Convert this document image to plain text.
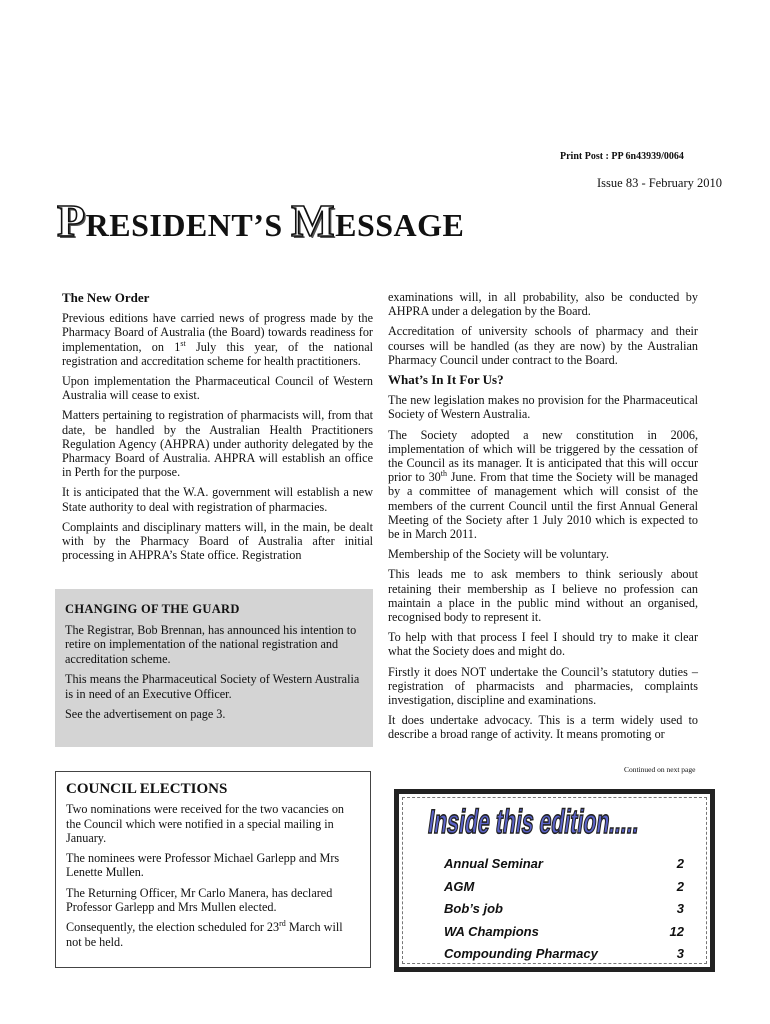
Print Post : PP 6n43939/0064
Issue 83 - February 2010
PRESIDENT’S MESSAGE
The New Order

Previous editions have carried news of progress made by the Pharmacy Board of Australia (the Board) towards readiness for implementation, on 1st July this year, of the national registration and accreditation scheme for health practitioners.

Upon implementation the Pharmaceutical Council of Western Australia will cease to exist.

Matters pertaining to registration of pharmacists will, from that date, be handled by the Australian Health Practitioners Regulation Agency (AHPRA) under authority delegated by the Pharmacy Board of Australia. AHPRA will establish an office in Perth for the purpose.

It is anticipated that the W.A. government will establish a new State authority to deal with registration of pharmacies.

Complaints and disciplinary matters will, in the main, be dealt with by the Pharmacy Board of Australia after initial processing in AHPRA’s State office. Registration

CHANGING OF THE GUARD

The Registrar, Bob Brennan, has announced his intention to retire on implementation of the national registration and accreditation scheme.

This means the Pharmaceutical Society of Western Australia is in need of an Executive Officer.

See the advertisement on page 3.

COUNCIL ELECTIONS

Two nominations were received for the two vacancies on the Council which were notified in a special mailing in January.

The nominees were Professor Michael Garlepp and Mrs Lenette Mullen.

The Returning Officer, Mr Carlo Manera, has declared Professor Garlepp and Mrs Mullen elected.

Consequently, the election scheduled for 23rd March will not be held.

examinations will, in all probability, also be conducted by AHPRA under a delegation by the Board.

Accreditation of university schools of pharmacy and their courses will be handled (as they are now) by the Australian Pharmacy Council under contract to the Board.

What’s In It For Us?

The new legislation makes no provision for the Pharmaceutical Society of Western Australia.

The Society adopted a new constitution in 2006, implementation of which will be triggered by the cessation of the Council as its manager. It is anticipated that this will occur prior to 30th June. From that time the Society will be managed by a committee of management which will consist of the members of the current Council until the first Annual General Meeting of the Society after 1 July 2010 which is expected to be in March 2011.

Membership of the Society will be voluntary.

This leads me to ask members to think seriously about retaining their membership as I believe no profession can maintain a place in the public mind without an organised, recognised body to represent it.

To help with that process I feel I should try to make it clear what the Society does and might do.

Firstly it does NOT undertake the Council’s statutory duties – registration of pharmacists and pharmacies, complaints investigation, discipline and examinations.

It does undertake advocacy. This is a term widely used to describe a broad range of activity. It means promoting or

Continued on next page
Inside this edition.....
Annual Seminar	2
AGM	2
Bob’s job	3
WA Champions	12
Compounding Pharmacy	3
